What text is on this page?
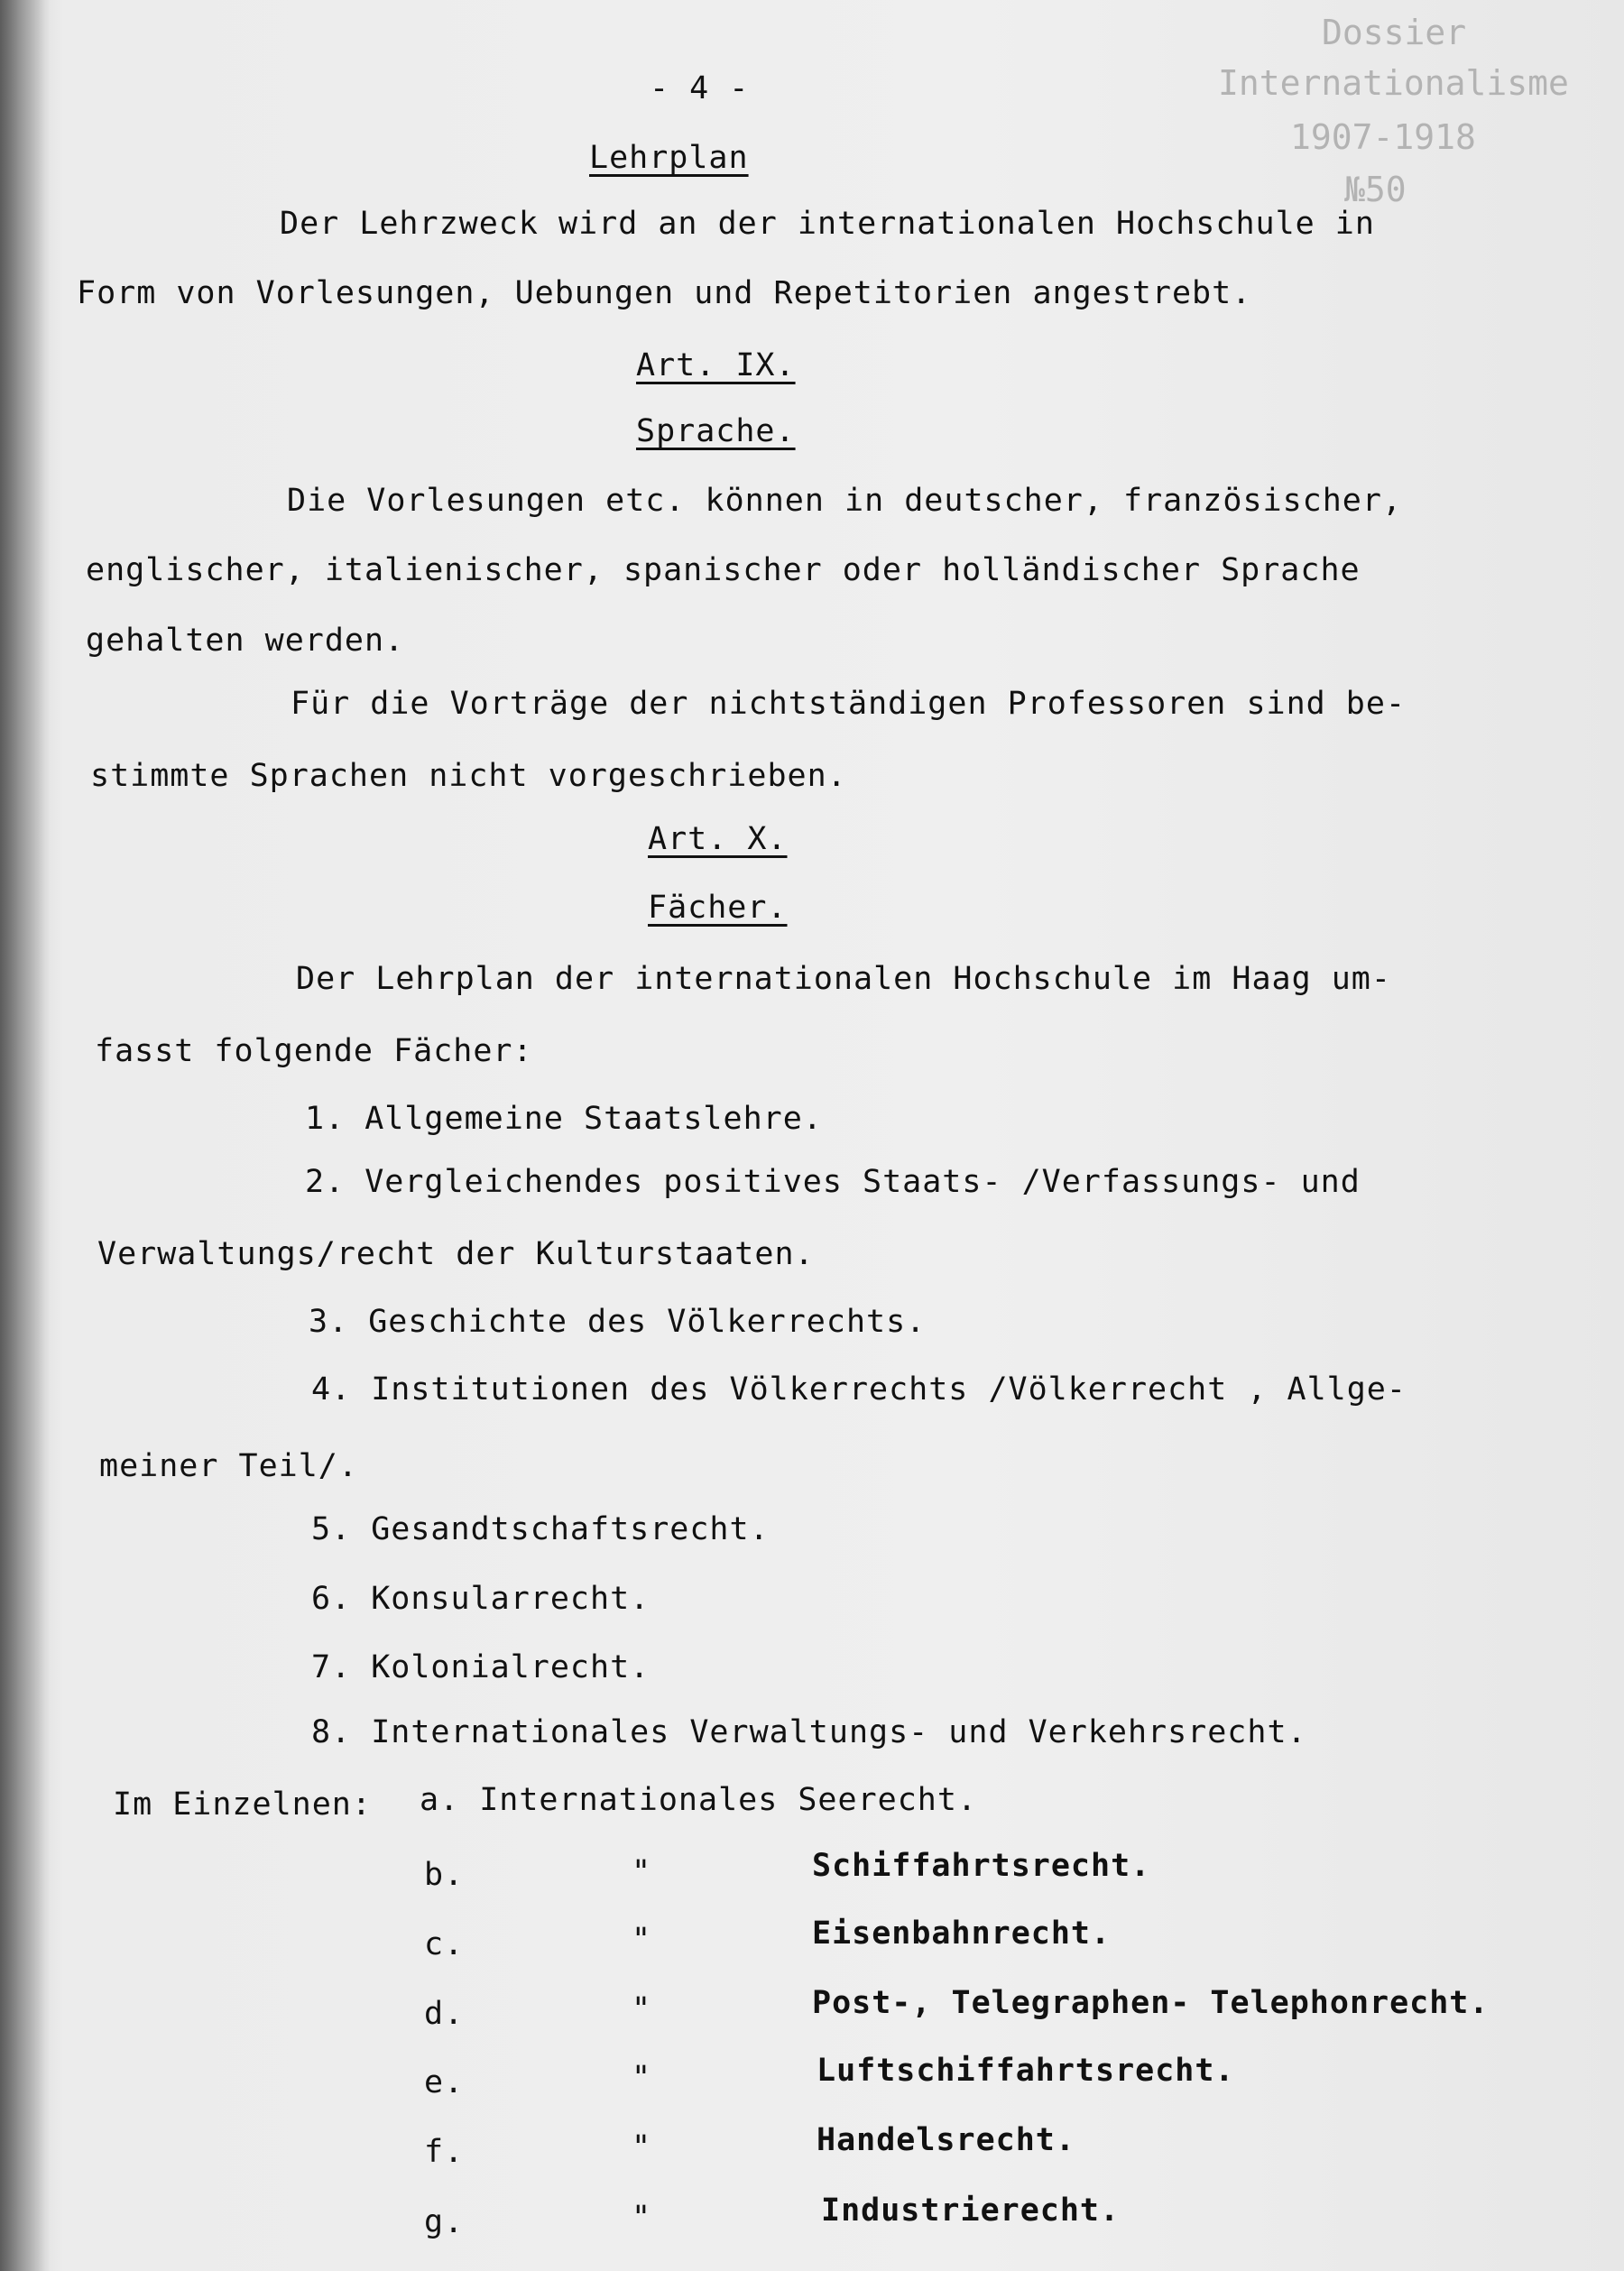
Dossier
Internationalisme
1907-1918
№50
- 4 -
Lehrplan
Der Lehrzweck wird an der internationalen Hochschule in
Form von Vorlesungen, Uebungen und Repetitorien angestrebt.
Art. IX.
Sprache.
Die Vorlesungen etc. können in deutscher, französischer,
englischer, italienischer, spanischer oder holländischer Sprache
gehalten werden.
Für die Vorträge der nichtständigen Professoren sind be-
stimmte Sprachen nicht vorgeschrieben.
Art. X.
Fächer.
Der Lehrplan der internationalen Hochschule im Haag um-
fasst folgende Fächer:
1. Allgemeine Staatslehre.
2. Vergleichendes positives Staats- /Verfassungs- und
Verwaltungs/recht der Kulturstaaten.
3. Geschichte des Völkerrechts.
4. Institutionen des Völkerrechts /Völkerrecht , Allge-
meiner Teil/.
5. Gesandtschaftsrecht.
6. Konsularrecht.
7. Kolonialrecht.
8. Internationales Verwaltungs- und Verkehrsrecht.
Im Einzelnen: a. Internationales Seerecht.
b.	"	Schiffahrtsrecht.
c.	"	Eisenbahnrecht.
d.	"	Post-, Telegraphen- Telephonrecht.
e.	"	Luftschiffahrtsrecht.
f.	"	Handelsrecht.
g.	"	Industrierecht.
